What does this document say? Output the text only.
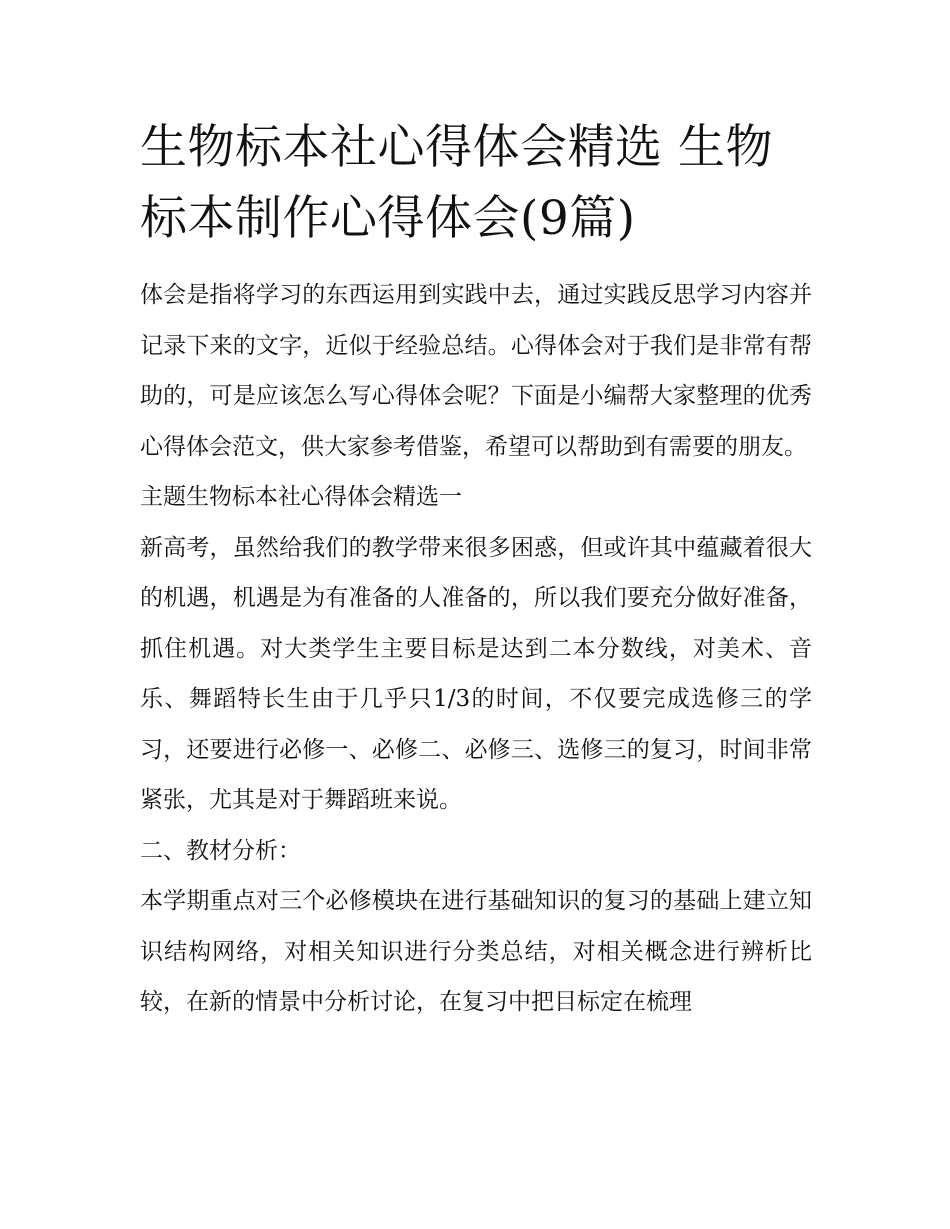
生物标本社心得体会精选 生物标本制作心得体会(9篇)

体会是指将学习的东西运用到实践中去，通过实践反思学习内容并记录下来的文字，近似于经验总结。心得体会对于我们是非常有帮助的，可是应该怎么写心得体会呢？下面是小编帮大家整理的优秀心得体会范文，供大家参考借鉴，希望可以帮助到有需要的朋友。

主题生物标本社心得体会精选一

新高考，虽然给我们的教学带来很多困惑，但或许其中蕴藏着很大的机遇，机遇是为有准备的人准备的，所以我们要充分做好准备，抓住机遇。对大类学生主要目标是达到二本分数线，对美术、音乐、舞蹈特长生由于几乎只1/3的时间，不仅要完成选修三的学习，还要进行必修一、必修二、必修三、选修三的复习，时间非常紧张，尤其是对于舞蹈班来说。

二、教材分析：

本学期重点对三个必修模块在进行基础知识的复习的基础上建立知识结构网络，对相关知识进行分类总结，对相关概念进行辨析比较，在新的情景中分析讨论，在复习中把目标定在梳理
